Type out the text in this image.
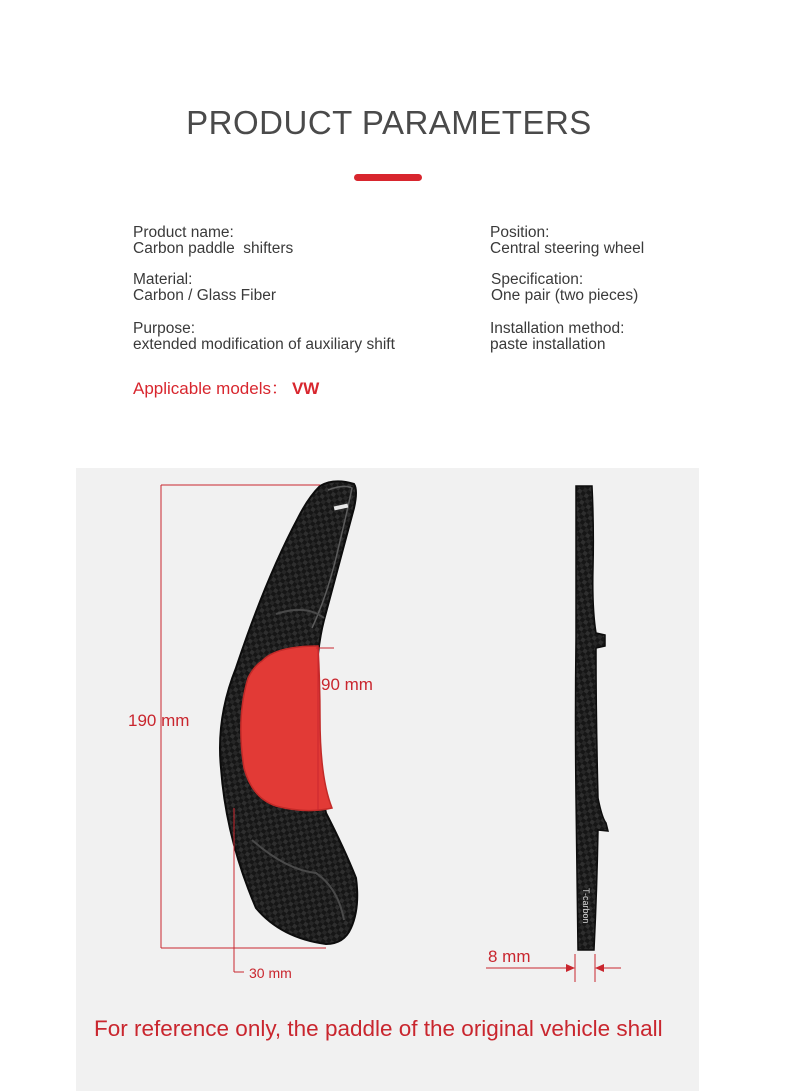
PRODUCT PARAMETERS
Product name:
Carbon paddle  shifters
Position:
Central steering wheel
Material:
Carbon / Glass Fiber
Specification:
One pair (two pieces)
Purpose:
extended modification of auxiliary shift
Installation method:
paste installation
Applicable models： VW
T-carbon
190 mm
90 mm
30 mm
8 mm
For reference only, the paddle of the original vehicle shall
